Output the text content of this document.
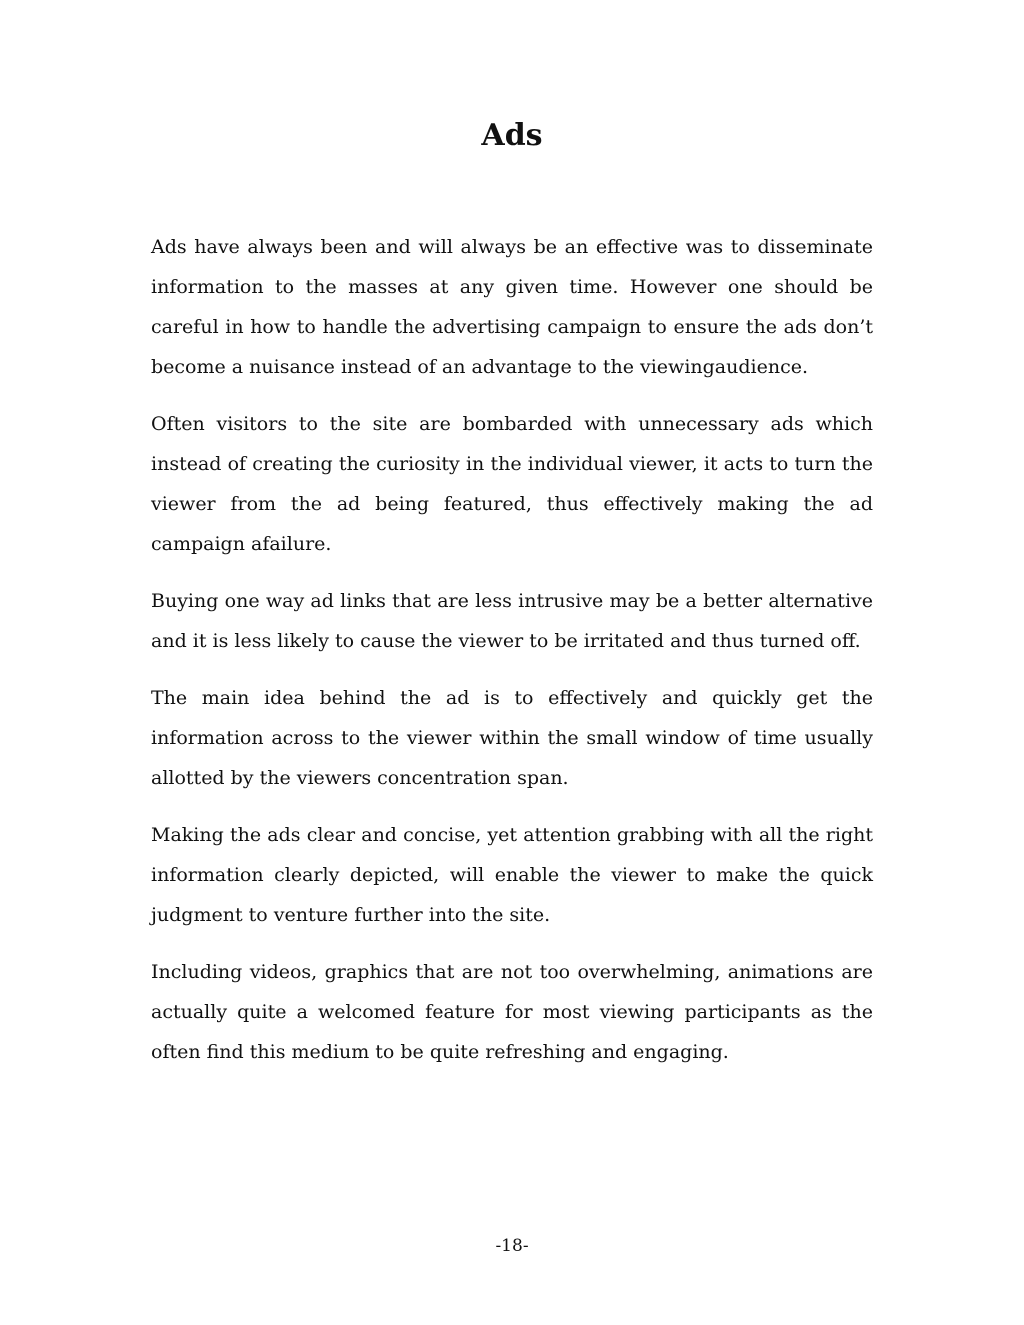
Ads

Ads have always been and will always be an effective was to disseminate information to the masses at any given time. However one should be careful in how to handle the advertising campaign to ensure the ads don’t become a nuisance instead of an advantage to the viewingaudience.

Often visitors to the site are bombarded with unnecessary ads which instead of creating the curiosity in the individual viewer, it acts to turn the viewer from the ad being featured, thus effectively making the ad campaign afailure.

Buying one way ad links that are less intrusive may be a better alternative and it is less likely to cause the viewer to be irritated and thus turned off.

The main idea behind the ad is to effectively and quickly get the information across to the viewer within the small window of time usually allotted by the viewers concentration span.

Making the ads clear and concise, yet attention grabbing with all the right information clearly depicted, will enable the viewer to make the quick judgment to venture further into the site.

Including videos, graphics that are not too overwhelming, animations are actually quite a welcomed feature for most viewing participants as the often find this medium to be quite refreshing and engaging.

-18-
